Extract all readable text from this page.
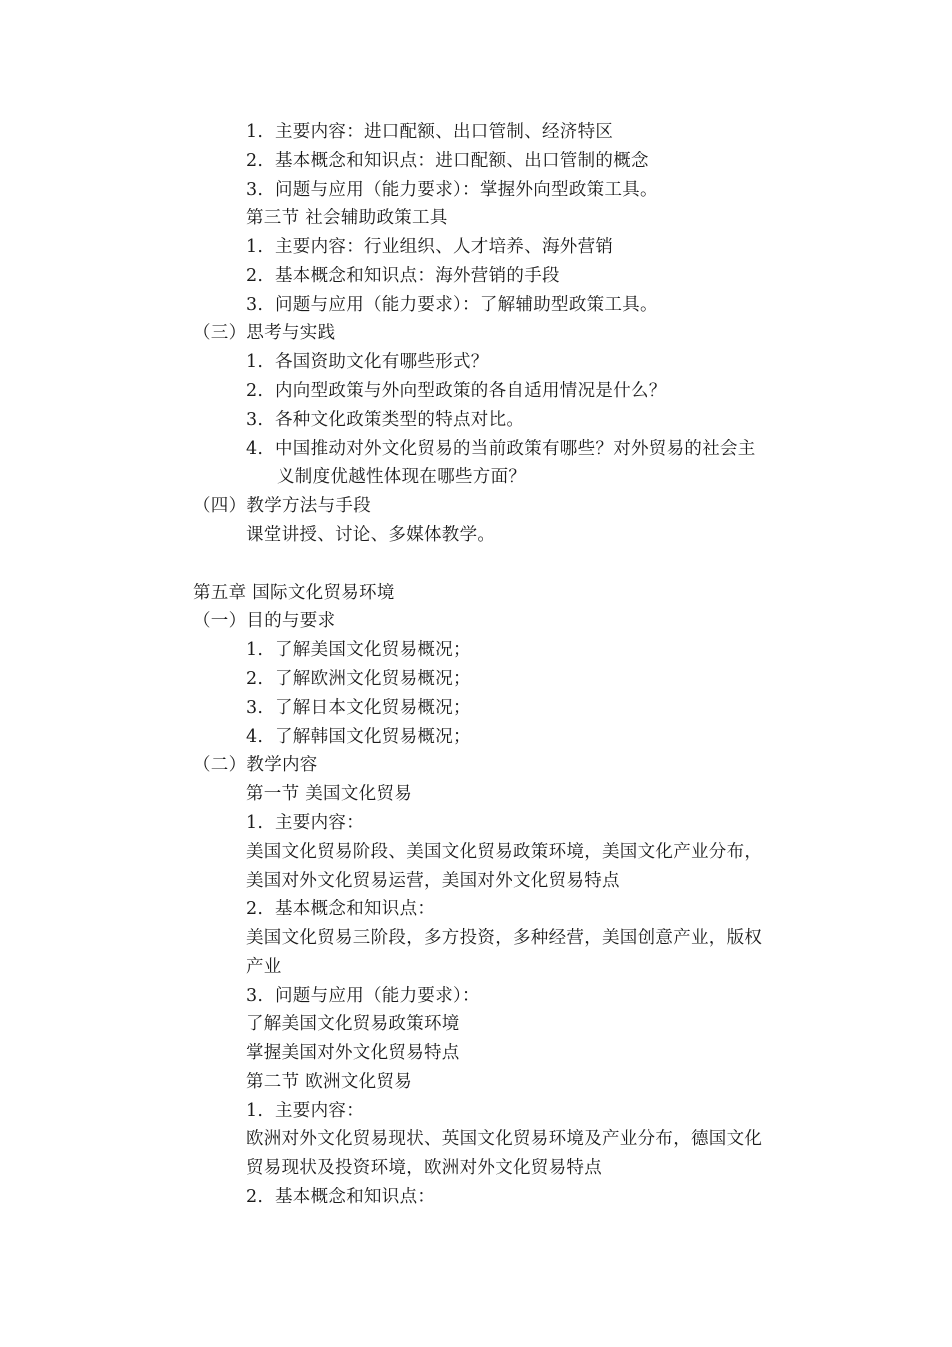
1. 主要内容：进口配额、出口管制、经济特区
2. 基本概念和知识点：进口配额、出口管制的概念
3. 问题与应用（能力要求）：掌握外向型政策工具。
第三节 社会辅助政策工具
1. 主要内容：行业组织、人才培养、海外营销
2. 基本概念和知识点：海外营销的手段
3. 问题与应用（能力要求）：了解辅助型政策工具。
（三）思考与实践
1. 各国资助文化有哪些形式？
2. 内向型政策与外向型政策的各自适用情况是什么？
3. 各种文化政策类型的特点对比。
4. 中国推动对外文化贸易的当前政策有哪些？对外贸易的社会主
义制度优越性体现在哪些方面？
（四）教学方法与手段
课堂讲授、讨论、多媒体教学。
第五章 国际文化贸易环境
（一）目的与要求
1. 了解美国文化贸易概况；
2. 了解欧洲文化贸易概况；
3. 了解日本文化贸易概况；
4. 了解韩国文化贸易概况；
（二）教学内容
第一节 美国文化贸易
1. 主要内容：
美国文化贸易阶段、美国文化贸易政策环境，美国文化产业分布，
美国对外文化贸易运营，美国对外文化贸易特点
2. 基本概念和知识点：
美国文化贸易三阶段，多方投资，多种经营，美国创意产业，版权
产业
3. 问题与应用（能力要求）：
了解美国文化贸易政策环境
掌握美国对外文化贸易特点
第二节 欧洲文化贸易
1. 主要内容：
欧洲对外文化贸易现状、英国文化贸易环境及产业分布，德国文化
贸易现状及投资环境，欧洲对外文化贸易特点
2. 基本概念和知识点：
